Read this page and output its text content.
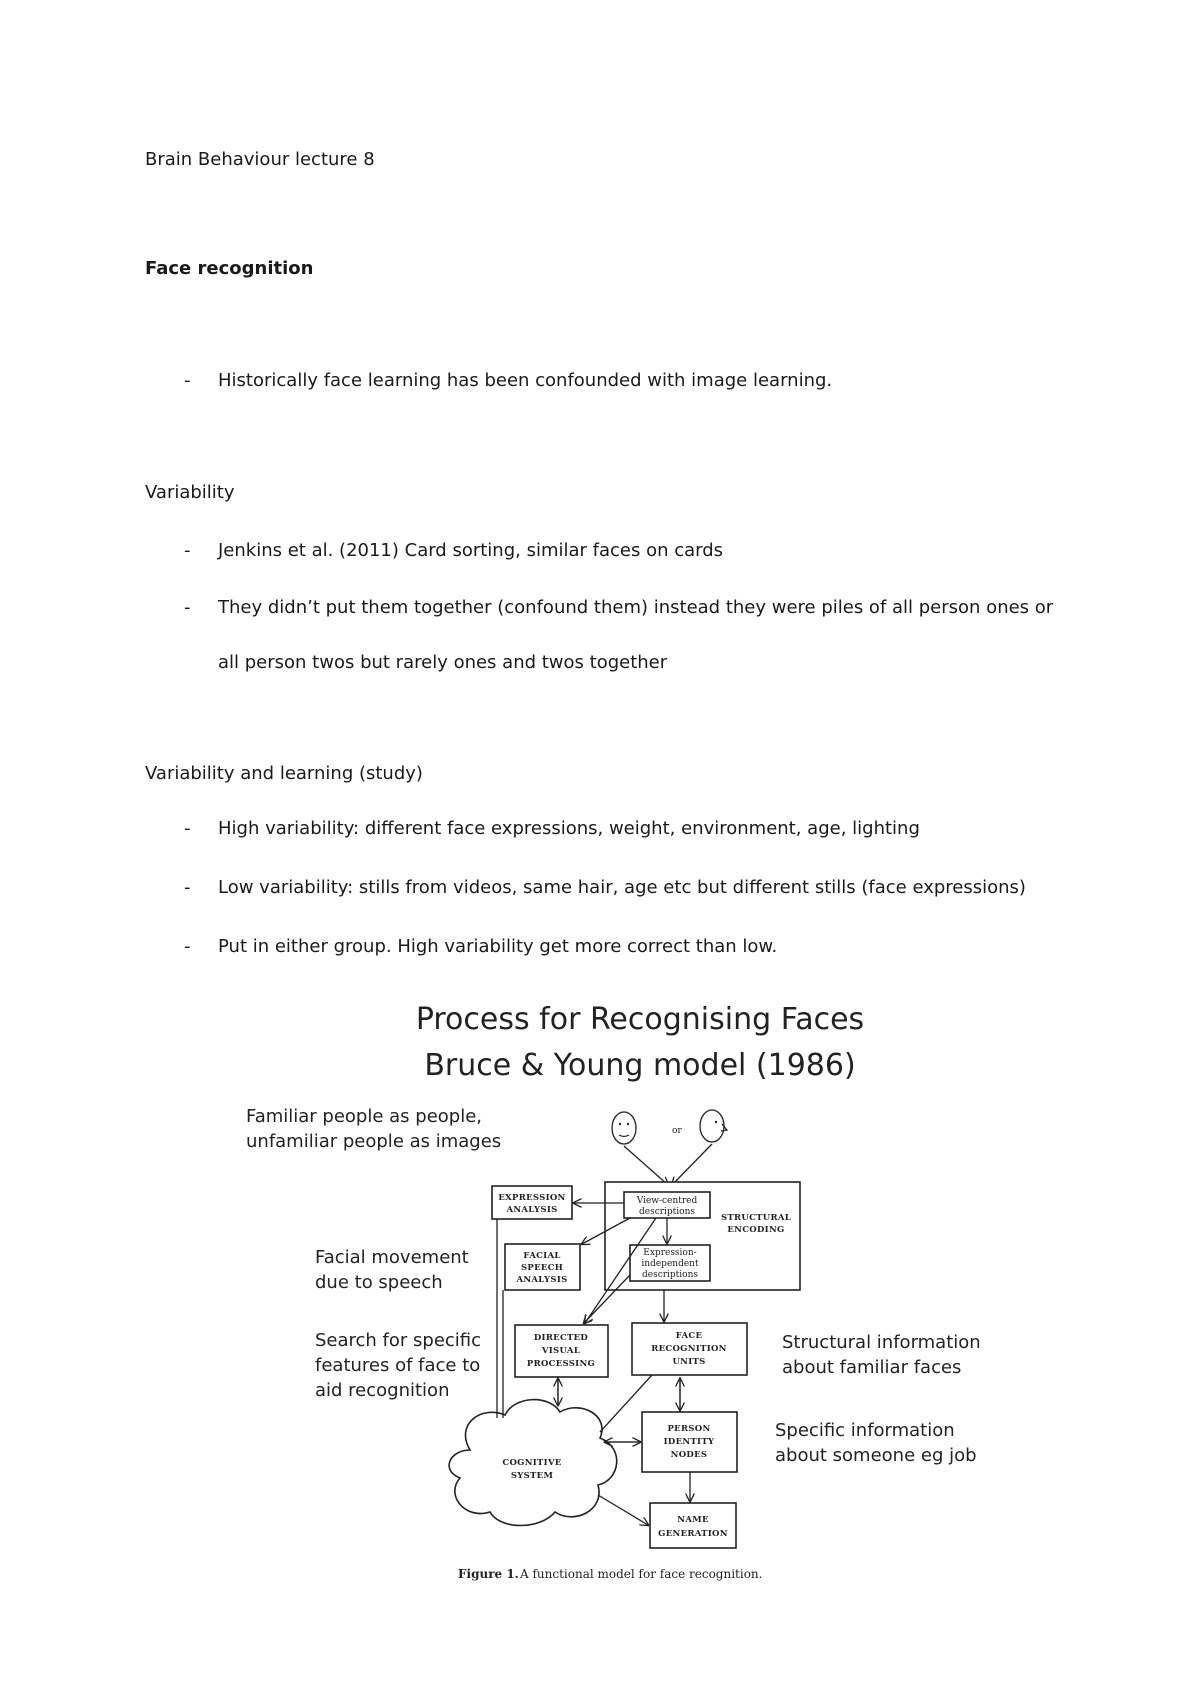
Brain Behaviour lecture 8
Face recognition
- Historically face learning has been confounded with image learning.
Variability
- Jenkins et al. (2011) Card sorting, similar faces on cards
- They didn’t put them together (confound them) instead they were piles of all person ones or
all person twos but rarely ones and twos together
Variability and learning (study)
- High variability: different face expressions, weight, environment, age, lighting
- Low variability: stills from videos, same hair, age etc but different stills (face expressions)
- Put in either group. High variability get more correct than low.
Process for Recognising Faces
Bruce & Young model (1986)
Familiar people as people,
unfamiliar people as images
Facial movement
due to speech
Search for specific
features of face to
aid recognition
Structural information
about familiar faces
Specific information
about someone eg job
or
EXPRESSION
ANALYSIS
View-centred
descriptions
STRUCTURAL
ENCODING
Expression-
independent
descriptions
FACIAL
SPEECH
ANALYSIS
DIRECTED
VISUAL
PROCESSING
FACE
RECOGNITION
UNITS
PERSON
IDENTITY
NODES
NAME
GENERATION
COGNITIVE
SYSTEM
Figure 1. A functional model for face recognition.
